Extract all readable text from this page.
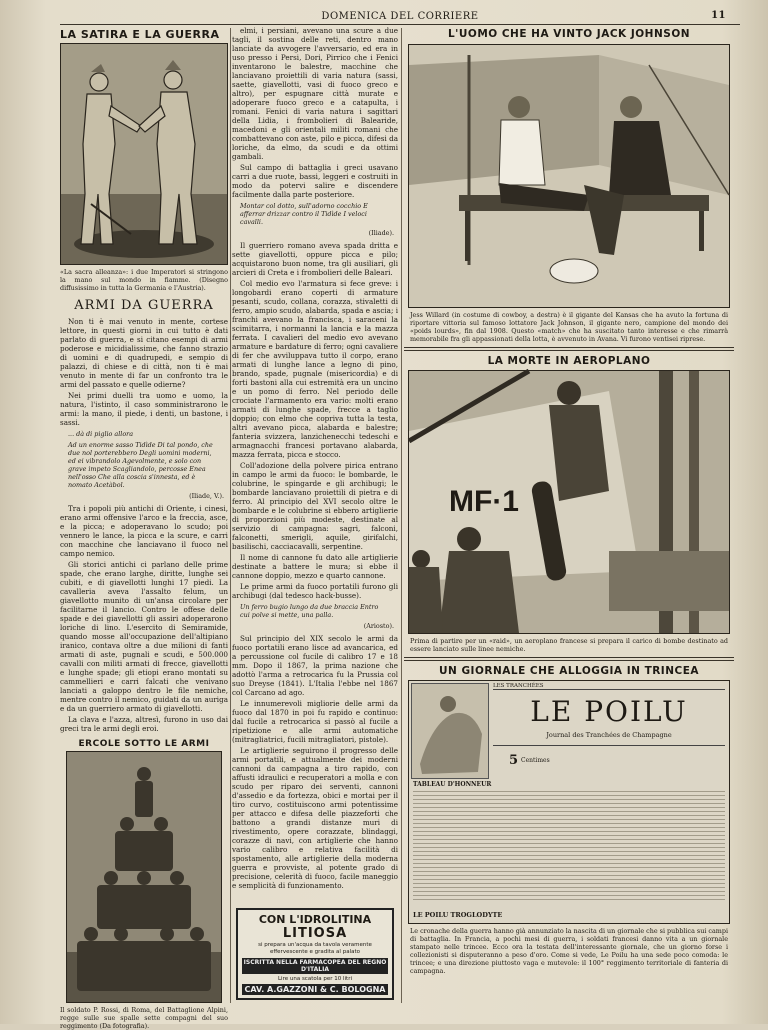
DOMENICA DEL CORRIERE	11
LA SATIRA E LA GUERRA
«La sacra alleanza»: i due Imperatori si stringono la mano sul mondo in fiamme. (Disegno diffusissimo in tutta la Germania e l'Austria).
ARMI DA GUERRA

Non ti è mai venuto in mente, cortese lettore, in questi giorni in cui tutto è dati parlato di guerra, e si citano esempi di armi poderose e micidialissime, che fanno strazio di uomini e di quadrupedi, e sempio di palazzi, di chiese e di città, non ti è mai venuto in mente di far un confronto tra le armi del passato e quelle odierne?

Nei primi duelli tra uomo e uomo, la natura, l'istinto, il caso somministrarono le armi: la mano, il piede, i denti, un bastone, i sassi.

... dà di piglio allora
Ad un enorme sasso Tidìde Di tal pondo, che due nol porterebbero Degli uomini moderni, ed ei vibrandolo Agevolmente, e solo con grave impeto Scagliandolo, percosse Enea nell'osso Che alla coscia s'innesta, ed è nomato Acetàbol.
(Iliade, V.).

Tra i popoli più antichi di Oriente, i cinesi, erano armi offensive l'arco e la freccia, asce, e la picca; e adoperavano lo scudo; poi vennero le lance, la picca e la scure, e carri con macchine che lanciavano il fuoco nel campo nemico.

Gli storici antichi ci parlano delle prime spade, che erano larghe, diritte, lunghe sei cubiti, e di giavellotti lunghi 17 piedi. La cavalleria aveva l'assalto felum, un giavellotto munito di un'ansa circolare per facilitarne il lancio. Contro le offese delle spade e dei giavellotti gli assiri adoperarono loriche di lino. L'esercito di Semiramide, quando mosse all'occupazione dell'altipiano iranico, contava oltre a due milioni di fanti armati di aste, pugnali e scudi, e 500.000 cavalli con militi armati di frecce, giavellotti e lunghe spade; gli etiopi erano montati su cammellieri e carri falcati che venivano lanciati a galoppo dentro le file nemiche, mentre contro il nemico, guidati da un auriga e da un guerriero armato di giavellotti.

La clava e l'azza, altresì, furono in uso dai greci tra le armi degli eroi.

ERCOLE SOTTO LE ARMI
Il soldato P. Rossi, di Roma, del Battaglione Alpini, regge sulle sue spalle sette compagni del suo reggimento (Da fotografia).

elmi, i persiani, avevano una scure a due tagli, il sostina delle reti, dentro mano lanciate da avvogere l'avversario, ed era in uso presso i Persi, Dori, Pirrico che i Fenici inventarono le balestre, macchine che lanciavano proiettili di varia natura (sassi, saette, giavellotti, vasi di fuoco greco e altro), per espugnare città murate e adoperare fuoco greco e a catapulta, i romani. Fenici di varia natura i sagittari della Lidia, i frombolieri di Balearide, macedoni e gli orientali militi romani che combattevano con aste, pilo e picca, difesi da loriche, da elmo, da scudi e da ottimi gambali.

Sul campo di battaglia i greci usavano carri a due ruote, bassi, leggeri e costruiti in modo da potervi salire e discendere facilmente dalla parte posteriore.

Montar col dotto, sull'adorno cocchio E afferrar drizzar contro il Tidìde I veloci cavalli.
(Iliade).

Il guerriero romano aveva spada dritta e sette giavellotti, oppure picca e pilo; acquistarono buon nome, tra gli ausiliari, gli arcieri di Creta e i frombolieri delle Baleari.

Col medio evo l'armatura si fece greve: i longobardi erano coperti di armature pesanti, scudo, collana, corazza, stivaletti di ferro, ampio scudo, alabarda, spada e ascia; i franchi avevano la francisca, i saraceni la scimitarra, i normanni la lancia e la mazza ferrata. I cavalieri del medio evo avevano armature e bardature di ferro; ogni cavaliere di fer che avviluppava tutto il corpo, erano armati di lunghe lance a legno di pino, brando, spade, pugnale (misericordia) e di forti bastoni alla cui estremità era un uncino e un pomo di ferro. Nel periodo delle crociate l'armamento era vario: molti erano armati di lunghe spade, frecce a taglio doppio; con elmo che copriva tutta la testa, altri avevano picca, alabarda e balestre; fanteria svizzera, lanzichenecchi tedeschi e armagnacchi francesi portavano alabarda, mazza ferrata, picca e stocco.

Coll'adozione della polvere pirica entrano in campo le armi da fuoco: le bombarde, le colubrine, le spingarde e gli archibugi; le bombarde lanciavano proiettili di pietra e di ferro. Al principio del XVI secolo oltre le bombarde e le colubrine si ebbero artiglierie di proporzioni più modeste, destinate al servizio di campagna: sagri, falconi, falconetti, smerigli, aquile, girifalchi, basilischi, cacciacavalli, serpentine.

Il nome di cannone fu dato alle artiglierie destinate a battere le mura; si ebbe il cannone doppio, mezzo e quarto cannone.

Le prime armi da fuoco portatili furono gli archibugi (dal tedesco hack-busse).

Un ferro bugio lungo da due braccia Entro cui polve si mette, una palla.
(Ariosto).

Sul principio del XIX secolo le armi da fuoco portatili erano lisce ad avancarica, ed a percussione col fucile di calibro 17 e 18 mm. Dopo il 1867, la prima nazione che adottò l'arma a retrocarica fu la Prussia col suo Dreyse (1841). L'Italia l'ebbe nel 1867 col Carcano ad ago.

Le innumerevoli migliorie delle armi da fuoco dal 1870 in poi fu rapido e continuo: dal fucile a retrocarica si passò al fucile a ripetizione e alle armi automatiche (mitragliatrici, fucili mitragliatori, pistole).

Le artiglierie seguirono il progresso delle armi portatili, e attualmente dei moderni cannoni da campagna a tiro rapido, con affusti idraulici e recuperatori a molla e con scudo per riparo dei serventi, cannoni d'assedio e da fortezza, obici e mortai per il tiro curvo, costituiscono armi potentissime per attacco e difesa delle piazzeforti che battono a grandi distanze muri di rivestimento, opere corazzate, blindaggi, corazze di navi, con artiglierie che hanno vario calibro e relativa facilità di spostamento, alle artiglierie della moderna guerra e provviste, al potente grado di precisione, celerità di fuoco, facile maneggio e semplicità di funzionamento.

CON L'IDROLITINA
LITIOSA
si prepara un'acqua da tavola veramente effervescente e gradita al palato
ISCRITTA NELLA FARMACOPEA DEL REGNO D'ITALIA
Lire una scatola per 10 litri
CAV. A.GAZZONI & C. BOLOGNA
L'UOMO CHE HA VINTO JACK JOHNSON
Jess Willard (in costume di cowboy, a destra) è il gigante del Kansas che ha avuto la fortuna di riportare vittoria sul famoso lottatore Jack Johnson, il gigante nero, campione del mondo dei «poids lourds», fin dal 1908. Questo «match» che ha suscitato tanto interesse e che rimarrà memorabile fra gli appassionati della lotta, è avvenuto in Avana. Vi furono ventisei riprese.
LA MORTE IN AEROPLANO
MF·1
Prima di partire per un «raid», un aeroplano francese si prepara il carico di bombe destinato ad essere lanciato sulle linee nemiche.
UN GIORNALE CHE ALLOGGIA IN TRINCEA
LES TRANCHÉES
LE POILU
Journal des Tranchées de Champagne
5 Centimes
TABLEAU D'HONNEUR
LE POILU TROGLODYTE
Le cronache della guerra hanno già annunziato la nascita di un giornale che si pubblica sui campi di battaglia. In Francia, a pochi mesi di guerra, i soldati francesi danno vita a un giornale stampato nelle trincee. Ecco ora la testata dell'interessante giornale, che un giorno forse i collezionisti si disputeranno a peso d'oro. Come si vede, Le Poilu ha una sede poco comoda: le trincee; e una direzione piuttosto vaga e mutevole: il 100° reggimento territoriale di fanteria di campagna.
